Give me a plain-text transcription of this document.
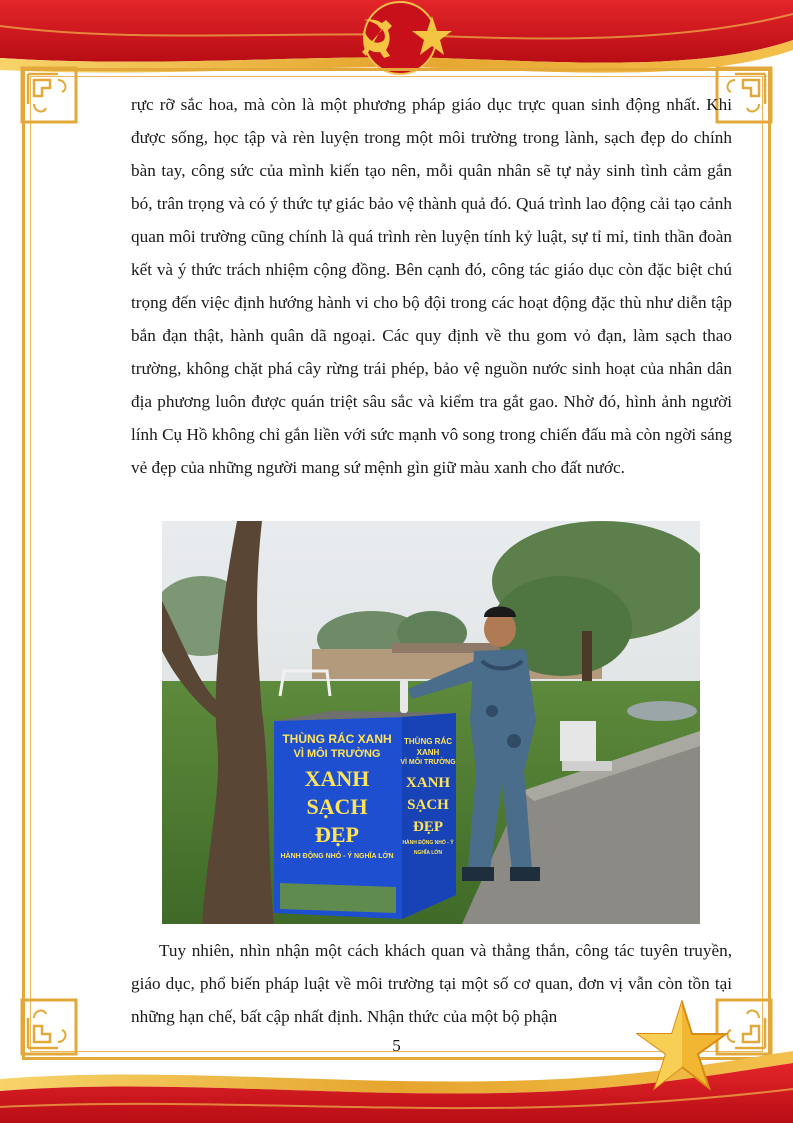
rực rỡ sắc hoa, mà còn là một phương pháp giáo dục trực quan sinh động nhất. Khi được sống, học tập và rèn luyện trong một môi trường trong lành, sạch đẹp do chính bàn tay, công sức của mình kiến tạo nên, mỗi quân nhân sẽ tự nảy sinh tình cảm gắn bó, trân trọng và có ý thức tự giác bảo vệ thành quả đó. Quá trình lao động cải tạo cảnh quan môi trường cũng chính là quá trình rèn luyện tính kỷ luật, sự tỉ mỉ, tinh thần đoàn kết và ý thức trách nhiệm cộng đồng. Bên cạnh đó, công tác giáo dục còn đặc biệt chú trọng đến việc định hướng hành vi cho bộ đội trong các hoạt động đặc thù như diễn tập bắn đạn thật, hành quân dã ngoại. Các quy định về thu gom vỏ đạn, làm sạch thao trường, không chặt phá cây rừng trái phép, bảo vệ nguồn nước sinh hoạt của nhân dân địa phương luôn được quán triệt sâu sắc và kiểm tra gắt gao. Nhờ đó, hình ảnh người lính Cụ Hồ không chỉ gắn liền với sức mạnh vô song trong chiến đấu mà còn ngời sáng vẻ đẹp của những người mang sứ mệnh gìn giữ màu xanh cho đất nước.

THÙNG RÁC XANH
VÌ MÔI TRƯỜNG
XANH
SẠCH
ĐẸP
HÀNH ĐỘNG NHỎ - Ý NGHĨA LỚN
THÙNG RÁC XANH
VÌ MÔI TRƯỜNG
XANH
SẠCH
ĐẸP
HÀNH ĐỘNG NHỎ - Ý NGHĨA LỚN

Tuy nhiên, nhìn nhận một cách khách quan và thẳng thắn, công tác tuyên truyền, giáo dục, phổ biến pháp luật về môi trường tại một số cơ quan, đơn vị vẫn còn tồn tại những hạn chế, bất cập nhất định. Nhận thức của một bộ phận

5
